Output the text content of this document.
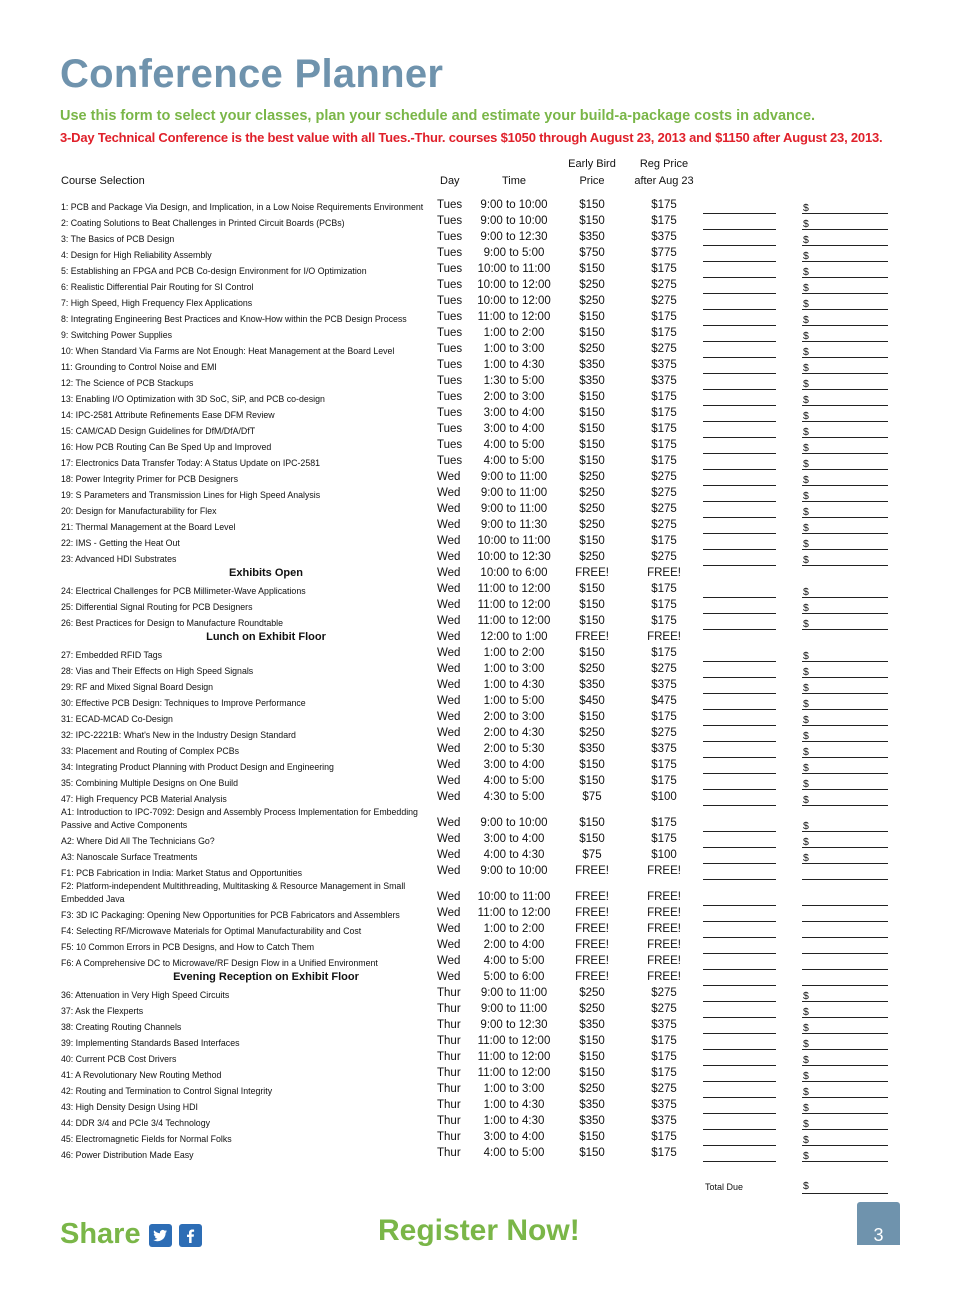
Conference Planner

Use this form to select your classes, plan your schedule and estimate your build-a-package costs in advance.

3-Day Technical Conference is the best value with all Tues.-Thur. courses $1050 through August 23, 2013 and $1150 after August 23, 2013.

Early Bird	Reg Price
Course Selection	Day	Time	Price	after Aug 23
1: PCB and Package Via Design, and Implication, in a Low Noise Requirements Environment	Tues	9:00 to 10:00	$150	$175	$
2: Coating Solutions to Beat Challenges in Printed Circuit Boards (PCBs)	Tues	9:00 to 10:00	$150	$175	$
3: The Basics of PCB Design	Tues	9:00 to 12:30	$350	$375	$
4: Design for High Reliability Assembly	Tues	9:00 to 5:00	$750	$775	$
5: Establishing an FPGA and PCB Co-design Environment for I/O Optimization	Tues	10:00 to 11:00	$150	$175	$
6: Realistic Differential Pair Routing for SI Control	Tues	10:00 to 12:00	$250	$275	$
7: High Speed, High Frequency Flex Applications	Tues	10:00 to 12:00	$250	$275	$
8: Integrating Engineering Best Practices and Know-How within the PCB Design Process	Tues	11:00 to 12:00	$150	$175	$
9: Switching Power Supplies	Tues	1:00 to 2:00	$150	$175	$
10: When Standard Via Farms are Not Enough: Heat Management at the Board Level	Tues	1:00 to 3:00	$250	$275	$
11: Grounding to Control Noise and EMI	Tues	1:00 to 4:30	$350	$375	$
12: The Science of PCB Stackups	Tues	1:30 to 5:00	$350	$375	$
13: Enabling I/O Optimization with 3D SoC, SiP, and PCB co-design	Tues	2:00 to 3:00	$150	$175	$
14: IPC-2581 Attribute Refinements Ease DFM Review	Tues	3:00 to 4:00	$150	$175	$
15: CAM/CAD Design Guidelines for DfM/DfA/DfT	Tues	3:00 to 4:00	$150	$175	$
16: How PCB Routing Can Be Sped Up and Improved	Tues	4:00 to 5:00	$150	$175	$
17: Electronics Data Transfer Today: A Status Update on IPC-2581	Tues	4:00 to 5:00	$150	$175	$
18: Power Integrity Primer for PCB Designers	Wed	9:00 to 11:00	$250	$275	$
19: S Parameters and Transmission Lines for High Speed Analysis	Wed	9:00 to 11:00	$250	$275	$
20: Design for Manufacturability for Flex	Wed	9:00 to 11:00	$250	$275	$
21: Thermal Management at the Board Level	Wed	9:00 to 11:30	$250	$275	$
22: IMS - Getting the Heat Out	Wed	10:00 to 11:00	$150	$175	$
23: Advanced HDI Substrates	Wed	10:00 to 12:30	$250	$275	$
Exhibits Open	Wed	10:00 to 6:00	FREE!	FREE!
24: Electrical Challenges for PCB Millimeter-Wave Applications	Wed	11:00 to 12:00	$150	$175	$
25: Differential Signal Routing for PCB Designers	Wed	11:00 to 12:00	$150	$175	$
26: Best Practices for Design to Manufacture Roundtable	Wed	11:00 to 12:00	$150	$175	$
Lunch on Exhibit Floor	Wed	12:00 to 1:00	FREE!	FREE!
27: Embedded RFID Tags	Wed	1:00 to 2:00	$150	$175	$
28: Vias and Their Effects on High Speed Signals	Wed	1:00 to 3:00	$250	$275	$
29: RF and Mixed Signal Board Design	Wed	1:00 to 4:30	$350	$375	$
30: Effective PCB Design: Techniques to Improve Performance	Wed	1:00 to 5:00	$450	$475	$
31: ECAD-MCAD Co-Design	Wed	2:00 to 3:00	$150	$175	$
32: IPC-2221B: What's New in the Industry Design Standard	Wed	2:00 to 4:30	$250	$275	$
33: Placement and Routing of Complex PCBs	Wed	2:00 to 5:30	$350	$375	$
34: Integrating Product Planning with Product Design and Engineering	Wed	3:00 to 4:00	$150	$175	$
35: Combining Multiple Designs on One Build	Wed	4:00 to 5:00	$150	$175	$
47: High Frequency PCB Material Analysis	Wed	4:30 to 5:00	$75	$100	$
A1: Introduction to IPC-7092: Design and Assembly Process Implementation for Embedding Passive and Active Components	Wed	9:00 to 10:00	$150	$175	$
A2: Where Did All The Technicians Go?	Wed	3:00 to 4:00	$150	$175	$
A3: Nanoscale Surface Treatments	Wed	4:00 to 4:30	$75	$100	$
F1: PCB Fabrication in India: Market Status and Opportunities	Wed	9:00 to 10:00	FREE!	FREE!
F2: Platform-independent Multithreading, Multitasking & Resource Management in Small Embedded Java	Wed	10:00 to 11:00	FREE!	FREE!
F3: 3D IC Packaging: Opening New Opportunities for PCB Fabricators and Assemblers	Wed	11:00 to 12:00	FREE!	FREE!
F4: Selecting RF/Microwave Materials for Optimal Manufacturability and Cost	Wed	1:00 to 2:00	FREE!	FREE!
F5: 10 Common Errors in PCB Designs, and How to Catch Them	Wed	2:00 to 4:00	FREE!	FREE!
F6: A Comprehensive DC to Microwave/RF Design Flow in a Unified Environment	Wed	4:00 to 5:00	FREE!	FREE!
Evening Reception on Exhibit Floor	Wed	5:00 to 6:00	FREE!	FREE!
36: Attenuation in Very High Speed Circuits	Thur	9:00 to 11:00	$250	$275	$
37: Ask the Flexperts	Thur	9:00 to 11:00	$250	$275	$
38: Creating Routing Channels	Thur	9:00 to 12:30	$350	$375	$
39: Implementing Standards Based Interfaces	Thur	11:00 to 12:00	$150	$175	$
40: Current PCB Cost Drivers	Thur	11:00 to 12:00	$150	$175	$
41: A Revolutionary New Routing Method	Thur	11:00 to 12:00	$150	$175	$
42: Routing and Termination to Control Signal Integrity	Thur	1:00 to 3:00	$250	$275	$
43: High Density Design Using HDI	Thur	1:00 to 4:30	$350	$375	$
44: DDR 3/4 and PCIe 3/4 Technology	Thur	1:00 to 4:30	$350	$375	$
45: Electromagnetic Fields for Normal Folks	Thur	3:00 to 4:00	$150	$175	$
46: Power Distribution Made Easy	Thur	4:00 to 5:00	$150	$175	$

Total Due	$

Share	Register Now!	3
